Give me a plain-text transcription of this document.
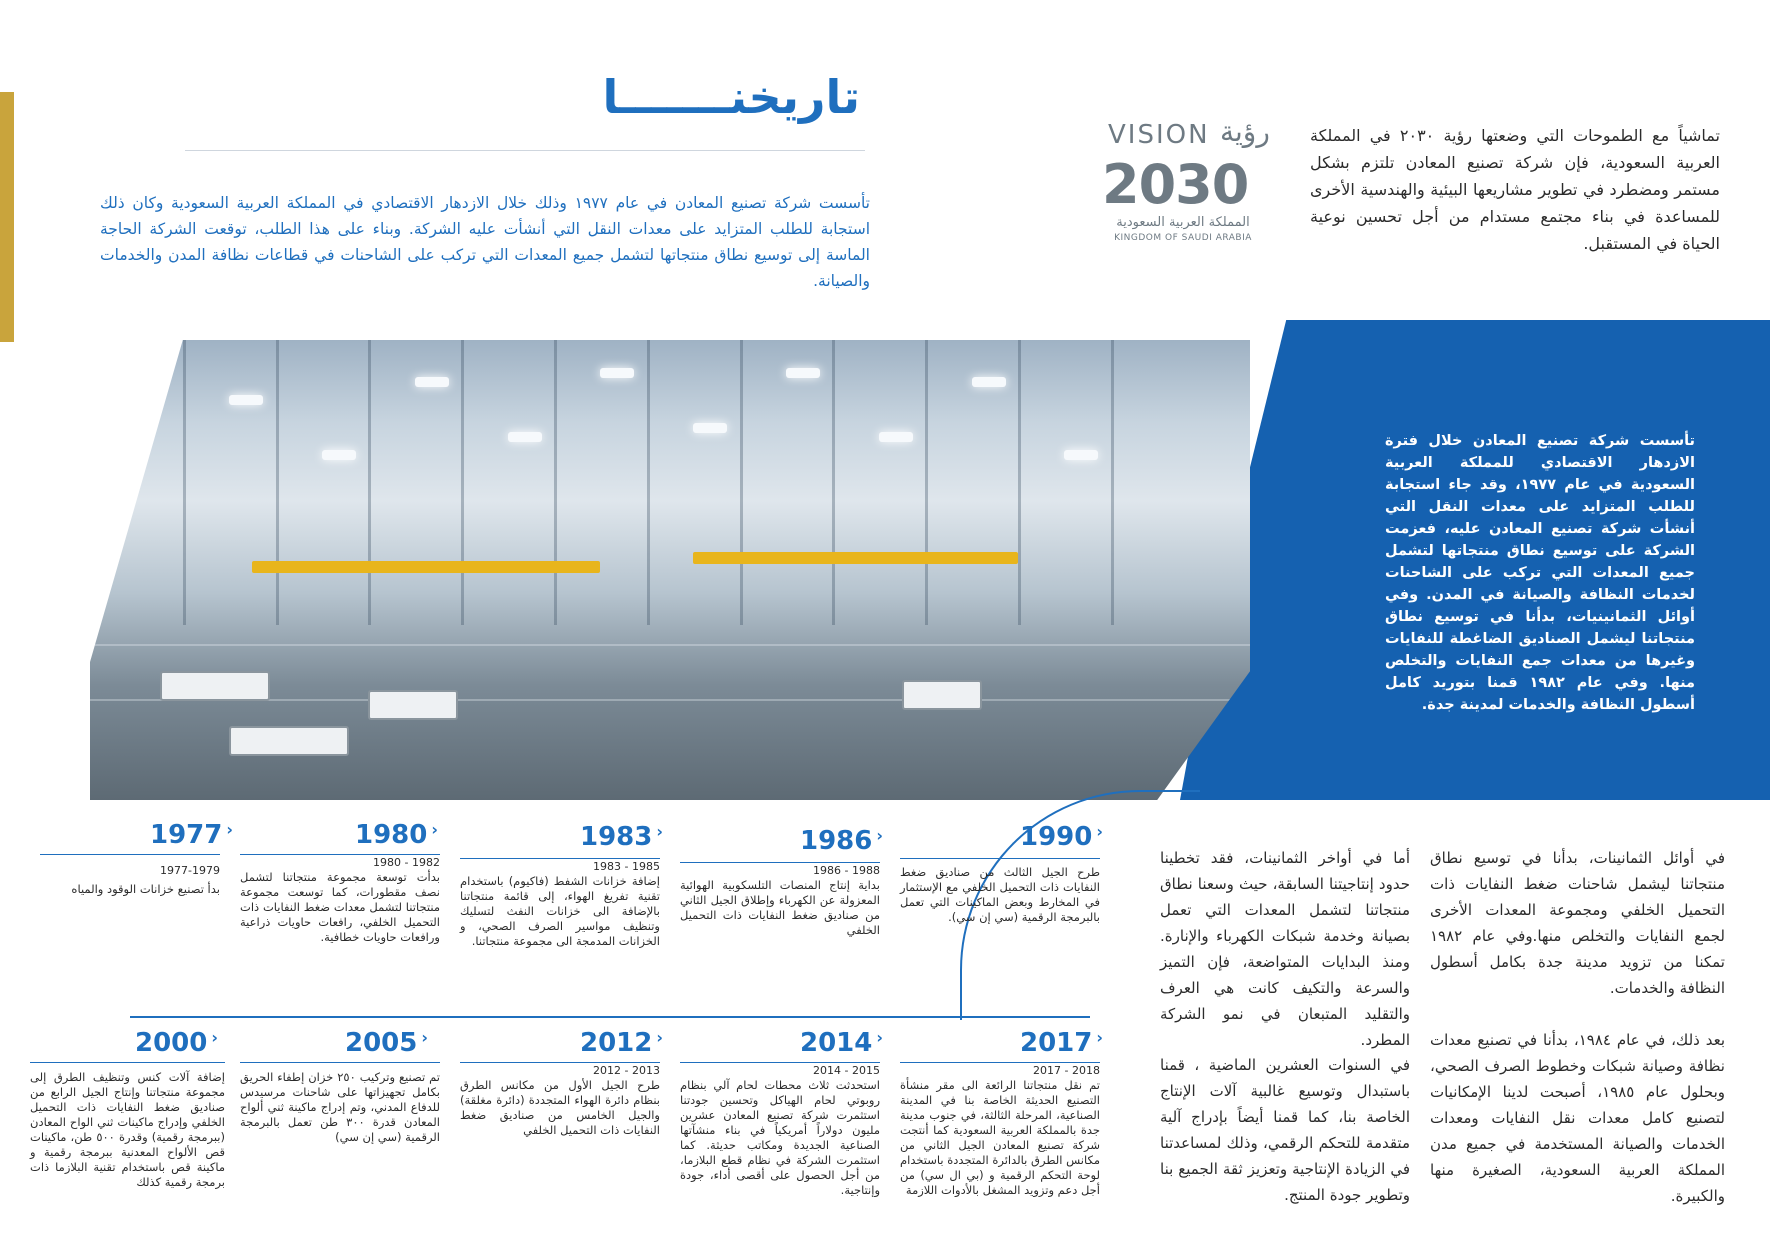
تاريخنـــــــا

تأسست شركة تصنيع المعادن في عام ١٩٧٧ وذلك خلال الازدهار الاقتصادي في المملكة العربية السعودية وكان ذلك استجابة للطلب المتزايد على معدات النقل التي أنشأت عليه الشركة. وبناء على هذا الطلب، توقعت الشركة الحاجة الماسة إلى توسيع نطاق منتجاتها لتشمل جميع المعدات التي تركب على الشاحنات في قطاعات نظافة المدن والخدمات والصيانة.

VISION رؤية
2030
المملكة العربية السعودية
KINGDOM OF SAUDI ARABIA

تماشياً مع الطموحات التي وضعتها رؤية ٢٠٣٠ في المملكة العربية السعودية، فإن شركة تصنيع المعادن تلتزم بشكل مستمر ومضطرد في تطوير مشاريعها البيئية والهندسية الأخرى للمساعدة في بناء مجتمع مستدام من أجل تحسين نوعية الحياة في المستقبل.

تأسست شركة تصنيع المعادن خلال فترة الازدهار الاقتصادي للمملكة العربية السعودية في عام ١٩٧٧، وقد جاء استجابة للطلب المتزايد على معدات النقل التي أنشأت شركة تصنيع المعادن عليه، فعزمت الشركة على توسيع نطاق منتجاتها لتشمل جميع المعدات التي تركب على الشاحنات لخدمات النظافة والصيانة في المدن. وفي أوائل الثمانينيات، بدأنا في توسيع نطاق منتجاتنا ليشمل الصناديق الضاغطة للنفايات وغيرها من معدات جمع النفايات والتخلص منها. وفي عام ١٩٨٢ قمنا بتوريد كامل أسطول النظافة والخدمات لمدينة جدة.

1990 ›

طرح الجيل الثالث من صناديق ضغط النفايات ذات التحميل الخلفي مع الإستثمار في المخارط وبعض الماكينات التي تعمل بالبرمجة الرقمية (سي إن سي).

1986 ›
1986 - 1988

بداية إنتاج المنصات التلسكوبية الهوائية المعزولة عن الكهرباء وإطلاق الجيل الثاني من صناديق ضغط النفايات ذات التحميل الخلفي

1983 ›
1983 - 1985

إضافة خزانات الشفط (فاكيوم) باستخدام تقنية تفريغ الهواء، إلى قائمة منتجاتنا بالإضافة الى خزانات النفث لتسليك وتنظيف مواسير الصرف الصحي، و الخزانات المدمجة الى مجموعة منتجاتنا.

1980 ›
1980 - 1982

بدأت توسعة مجموعة منتجاتنا لتشمل نصف مقطورات، كما توسعت مجموعة منتجاتنا لتشمل معدات ضغط النفايات ذات التحميل الخلفي، رافعات حاويات ذراعية ورافعات حاويات خطافية.

1977 ›
1977-1979

بدأ تصنيع خزانات الوقود والمياه

2017 ›
2017 - 2018

تم نقل منتجاتنا الرائعة الى مقر منشأة التصنيع الحديثة الخاصة بنا في المدينة الصناعية، المرحلة الثالثة، في جنوب مدينة جدة بالمملكة العربية السعودية كما أنتجت شركة تصنيع المعادن الجيل الثاني من مكانس الطرق بالدائرة المتجددة باستخدام لوحة التحكم الرقمية و (بي ال سي) من أجل دعم وتزويد المشغل بالأدوات اللازمة

2014 ›
2014 - 2015

استحدثت ثلاث محطات لحام آلي بنظام روبوتي لحام الهياكل وتحسين جودتنا استثمرت شركة تصنيع المعادن عشرين مليون دولاراً أمريكياً في بناء منشآتها الصناعية الجديدة ومكاتب حديثة. كما استثمرت الشركة في نظام قطع البلازما، من أجل الحصول على أقصى أداء، جودة وإنتاجية.

2012 ›
2012 - 2013

طرح الجيل الأول من مكانس الطرق بنظام دائرة الهواء المتجددة (دائرة مغلقة) والجيل الخامس من صناديق ضغط النفايات ذات التحميل الخلفي

2005 ›

تم تصنيع وتركيب ٢٥٠ خزان إطفاء الحريق بكامل تجهيزاتها على شاحنات مرسيدس للدفاع المدني، وتم إدراج ماكينة ثني ألواح المعادن قدرة ٣٠٠ طن تعمل بالبرمجة الرقمية (سي إن سي)

2000 ›

إضافة آلات كنس وتنظيف الطرق إلى مجموعة منتجاتنا وإنتاج الجيل الرابع من صناديق ضغط النفايات ذات التحميل الخلفي وإدراج ماكينات ثني الواح المعادن (ببرمجة رقمية) وقدرة ٥٠٠ طن، ماكينات قص الألواح المعدنية ببرمجة رقمية و ماكينة قص باستخدام تقنية البلازما ذات برمجة رقمية كذلك

في أوائل الثمانينات، بدأنا في توسيع نطاق منتجاتنا ليشمل شاحنات ضغط النفايات ذات التحميل الخلفي ومجموعة المعدات الأخرى لجمع النفايات والتخلص منها.وفي عام ١٩٨٢ تمكنا من تزويد مدينة جدة بكامل أسطول النظافة والخدمات.

بعد ذلك، في عام ١٩٨٤، بدأنا في تصنيع معدات نظافة وصيانة شبكات وخطوط الصرف الصحي، وبحلول عام ١٩٨٥، أصبحت لدينا الإمكانيات لتصنيع كامل معدات نقل النفايات ومعدات الخدمات والصيانة المستخدمة في جميع مدن المملكة العربية السعودية، الصغيرة منها والكبيرة.

أما في أواخر الثمانينات، فقد تخطينا حدود إنتاجيتنا السابقة، حيث وسعنا نطاق منتجاتنا لتشمل المعدات التي تعمل بصيانة وخدمة شبكات الكهرباء والإنارة. ومنذ البدايات المتواضعة، فإن التميز والسرعة والتكيف كانت هي العرف والتقليد المتبعان في نمو الشركة المطرد.

في السنوات العشرين الماضية ، قمنا باستبدال وتوسيع غالبية آلات الإنتاج الخاصة بنا، كما قمنا أيضاً بإدراج آلية متقدمة للتحكم الرقمي، وذلك لمساعدتنا في الزيادة الإنتاجية وتعزيز ثقة الجميع بنا وتطوير جودة المنتج.
